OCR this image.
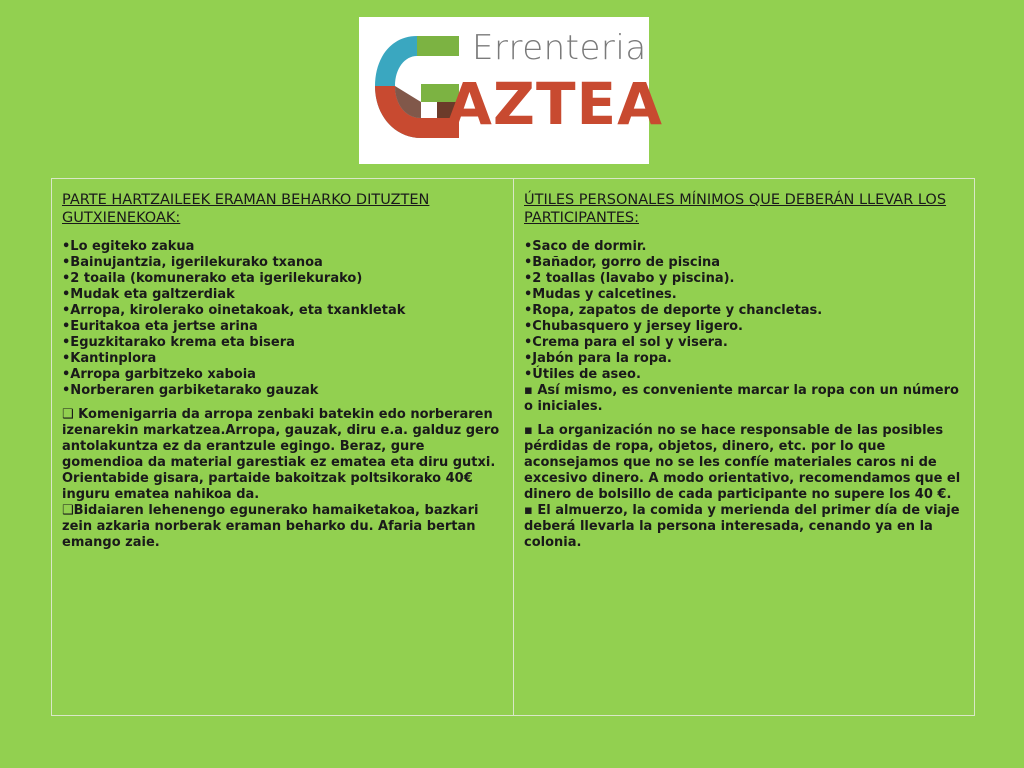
Errenteria
AZTEA
PARTE HARTZAILEEK ERAMAN BEHARKO DITUZTEN GUTXIENEKOAK:
•Lo egiteko zakua
•Bainujantzia, igerilekurako txanoa
•2 toaila (komunerako eta igerilekurako)
•Mudak eta galtzerdiak
•Arropa, kirolerako oinetakoak, eta txankletak
•Euritakoa eta jertse arina
•Eguzkitarako krema eta bisera
•Kantinplora
•Arropa garbitzeko xaboia
•Norberaren garbiketarako gauzak

❑ Komenigarria da arropa zenbaki batekin edo norberaren izenarekin markatzea.Arropa, gauzak, diru e.a. galduz gero antolakuntza ez da erantzule egingo. Beraz, gure gomendioa da material garestiak ez ematea eta diru gutxi. Orientabide gisara, partaide bakoitzak poltsikorako 40€ inguru ematea nahikoa da.

❑Bidaiaren lehenengo egunerako hamaiketakoa, bazkari zein azkaria norberak eraman beharko du. Afaria bertan emango zaie.

ÚTILES PERSONALES MÍNIMOS QUE DEBERÁN LLEVAR LOS PARTICIPANTES:
•Saco de dormir.
•Bañador, gorro de piscina
•2 toallas (lavabo y piscina).
•Mudas y calcetines.
•Ropa, zapatos de deporte y chancletas.
•Chubasquero y jersey ligero.
•Crema para el sol y visera.
•Jabón para la ropa.
•Útiles de aseo.
▪ Así mismo, es conveniente marcar la ropa con un número o iniciales.

▪ La organización no se hace responsable de las posibles pérdidas de ropa, objetos, dinero, etc. por lo que aconsejamos que no se les confíe materiales caros ni de excesivo dinero. A modo orientativo, recomendamos que el dinero de bolsillo de cada participante no supere los 40 €.

▪ El almuerzo, la comida y merienda del primer día de viaje deberá llevarla la persona interesada, cenando ya en la colonia.
